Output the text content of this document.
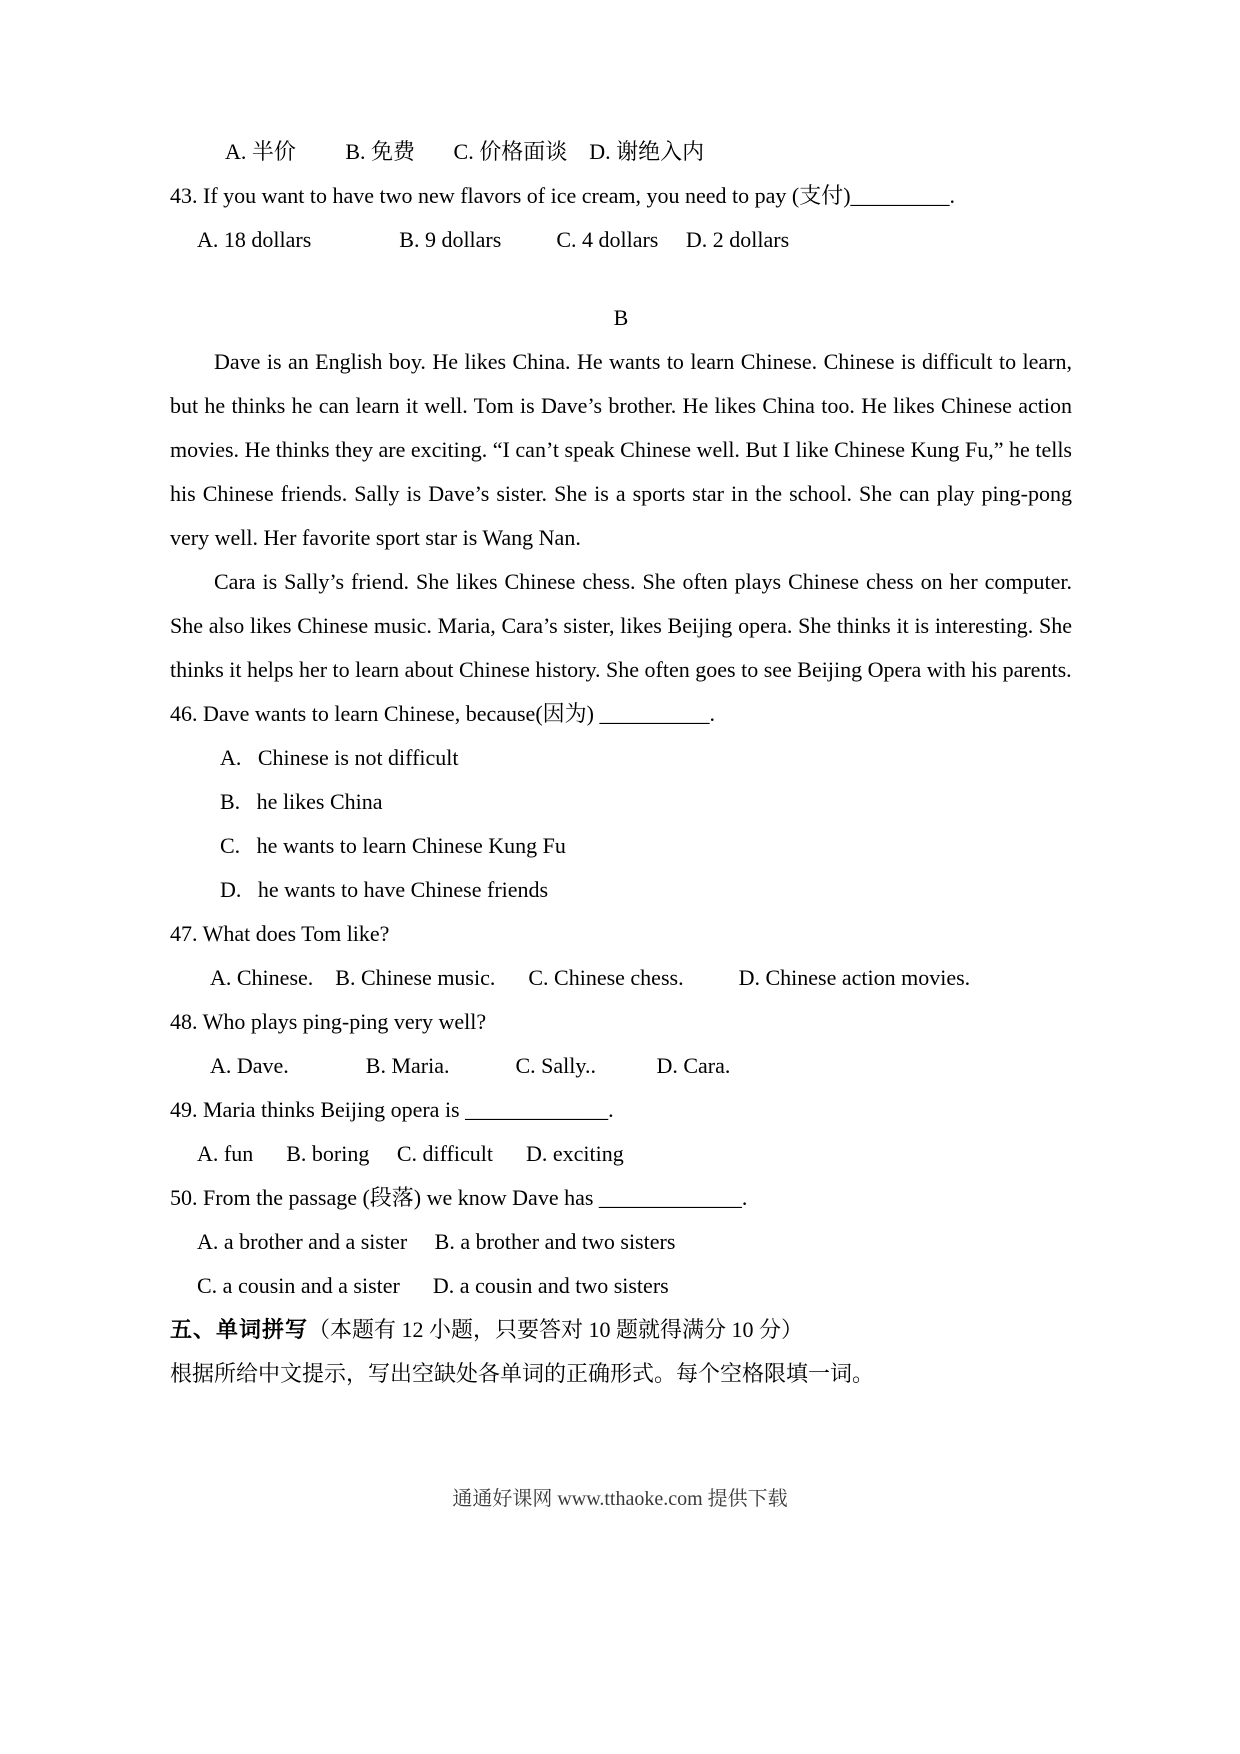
A. 半价         B. 免费       C. 价格面谈    D. 谢绝入内

43. If you want to have two new flavors of ice cream, you need to pay (支付)_________.

A. 18 dollars                B. 9 dollars          C. 4 dollars     D. 2 dollars

B

Dave is an English boy. He likes China. He wants to learn Chinese. Chinese is difficult to learn, but he thinks he can learn it well. Tom is Dave’s brother. He likes China too. He likes Chinese action movies. He thinks they are exciting. “I can’t speak Chinese well. But I like Chinese Kung Fu,” he tells his Chinese friends. Sally is Dave’s sister. She is a sports star in the school. She can play ping-pong very well. Her favorite sport star is Wang Nan.

Cara is Sally’s friend. She likes Chinese chess. She often plays Chinese chess on her computer. She also likes Chinese music. Maria, Cara’s sister, likes Beijing opera. She thinks it is interesting. She thinks it helps her to learn about Chinese history. She often goes to see Beijing Opera with his parents.

46. Dave wants to learn Chinese, because(因为) __________.

A.   Chinese is not difficult

B.   he likes China

C.   he wants to learn Chinese Kung Fu

D.   he wants to have Chinese friends

47. What does Tom like?

A. Chinese.    B. Chinese music.      C. Chinese chess.          D. Chinese action movies.

48. Who plays ping-ping very well?

A. Dave.              B. Maria.            C. Sally..           D. Cara.

49. Maria thinks Beijing opera is _____________.

A. fun      B. boring     C. difficult      D. exciting

50. From the passage (段落) we know Dave has _____________.

A. a brother and a sister     B. a brother and two sisters

C. a cousin and a sister      D. a cousin and two sisters

五、单词拼写（本题有 12 小题，只要答对 10 题就得满分 10 分）

根据所给中文提示，写出空缺处各单词的正确形式。每个空格限填一词。

通通好课网 www.tthaoke.com 提供下载
